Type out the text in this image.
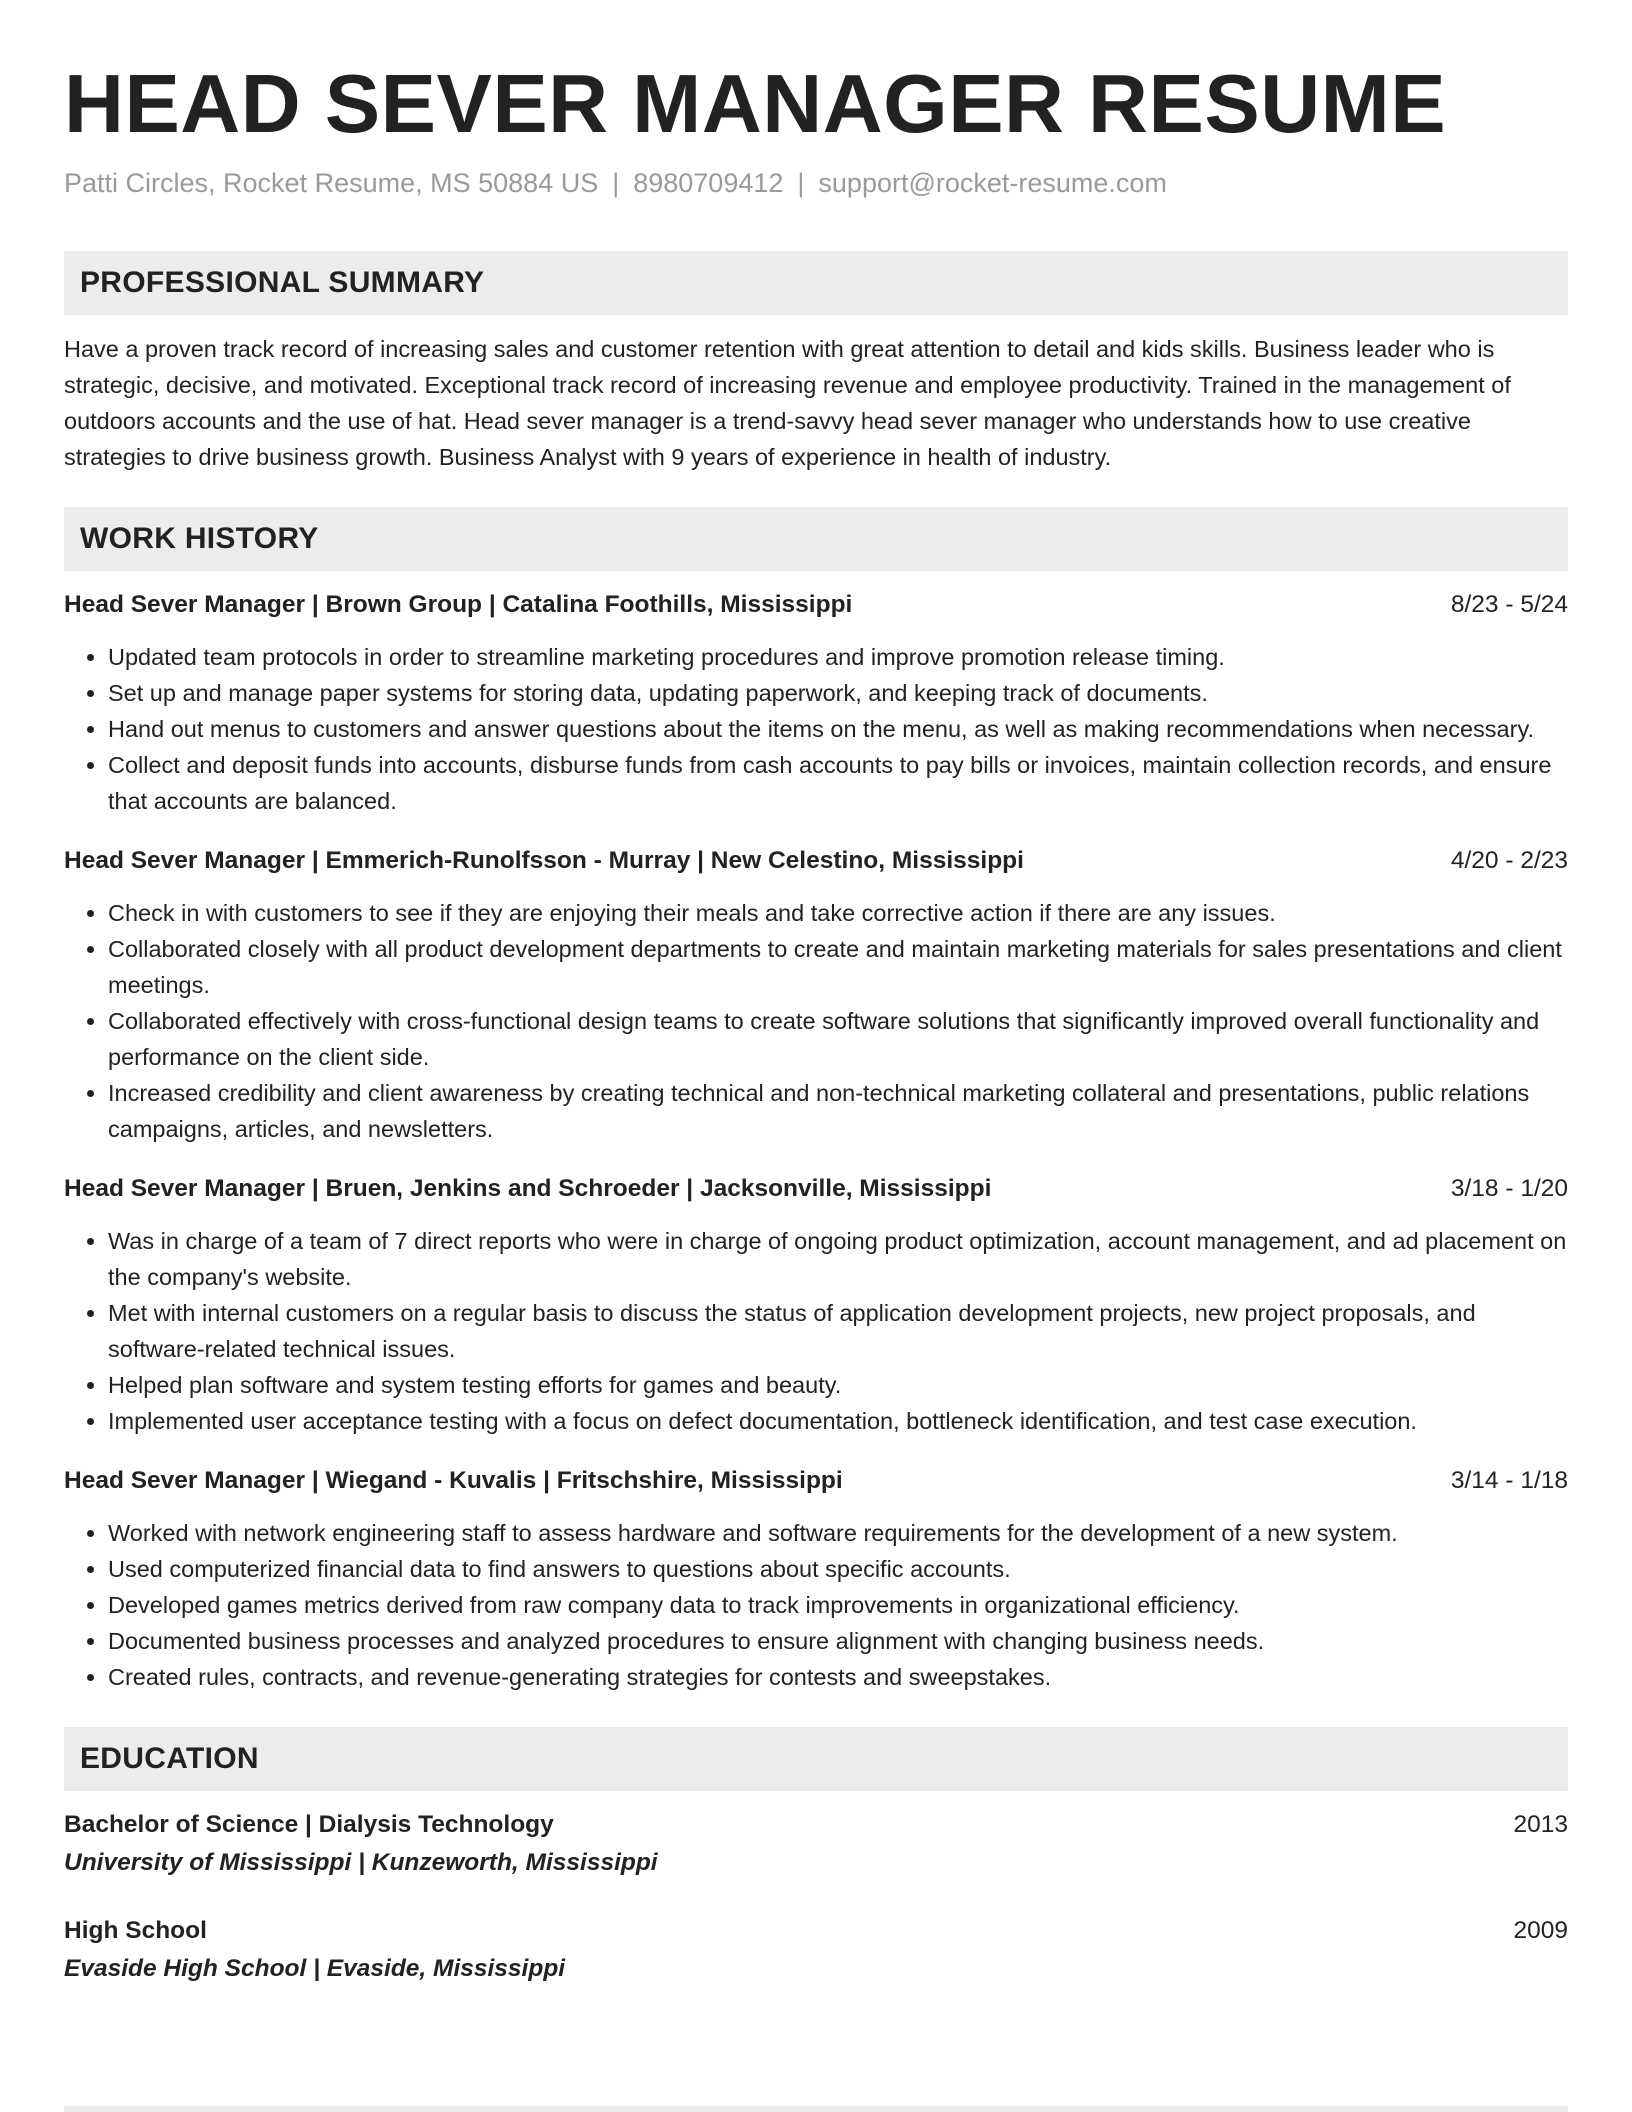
HEAD SEVER MANAGER RESUME
Patti Circles, Rocket Resume, MS 50884 US | 8980709412 | support@rocket-resume.com
PROFESSIONAL SUMMARY
Have a proven track record of increasing sales and customer retention with great attention to detail and kids skills. Business leader who is strategic, decisive, and motivated. Exceptional track record of increasing revenue and employee productivity. Trained in the management of outdoors accounts and the use of hat. Head sever manager is a trend-savvy head sever manager who understands how to use creative strategies to drive business growth. Business Analyst with 9 years of experience in health of industry.
WORK HISTORY
Head Sever Manager | Brown Group | Catalina Foothills, Mississippi	8/23 - 5/24
• Updated team protocols in order to streamline marketing procedures and improve promotion release timing.
• Set up and manage paper systems for storing data, updating paperwork, and keeping track of documents.
• Hand out menus to customers and answer questions about the items on the menu, as well as making recommendations when necessary.
• Collect and deposit funds into accounts, disburse funds from cash accounts to pay bills or invoices, maintain collection records, and ensure that accounts are balanced.
Head Sever Manager | Emmerich-Runolfsson - Murray | New Celestino, Mississippi	4/20 - 2/23
• Check in with customers to see if they are enjoying their meals and take corrective action if there are any issues.
• Collaborated closely with all product development departments to create and maintain marketing materials for sales presentations and client meetings.
• Collaborated effectively with cross-functional design teams to create software solutions that significantly improved overall functionality and performance on the client side.
• Increased credibility and client awareness by creating technical and non-technical marketing collateral and presentations, public relations campaigns, articles, and newsletters.
Head Sever Manager | Bruen, Jenkins and Schroeder | Jacksonville, Mississippi	3/18 - 1/20
• Was in charge of a team of 7 direct reports who were in charge of ongoing product optimization, account management, and ad placement on the company's website.
• Met with internal customers on a regular basis to discuss the status of application development projects, new project proposals, and software-related technical issues.
• Helped plan software and system testing efforts for games and beauty.
• Implemented user acceptance testing with a focus on defect documentation, bottleneck identification, and test case execution.
Head Sever Manager | Wiegand - Kuvalis | Fritschshire, Mississippi	3/14 - 1/18
• Worked with network engineering staff to assess hardware and software requirements for the development of a new system.
• Used computerized financial data to find answers to questions about specific accounts.
• Developed games metrics derived from raw company data to track improvements in organizational efficiency.
• Documented business processes and analyzed procedures to ensure alignment with changing business needs.
• Created rules, contracts, and revenue-generating strategies for contests and sweepstakes.
EDUCATION
Bachelor of Science | Dialysis Technology	2013
University of Mississippi | Kunzeworth, Mississippi
High School	2009
Evaside High School | Evaside, Mississippi
